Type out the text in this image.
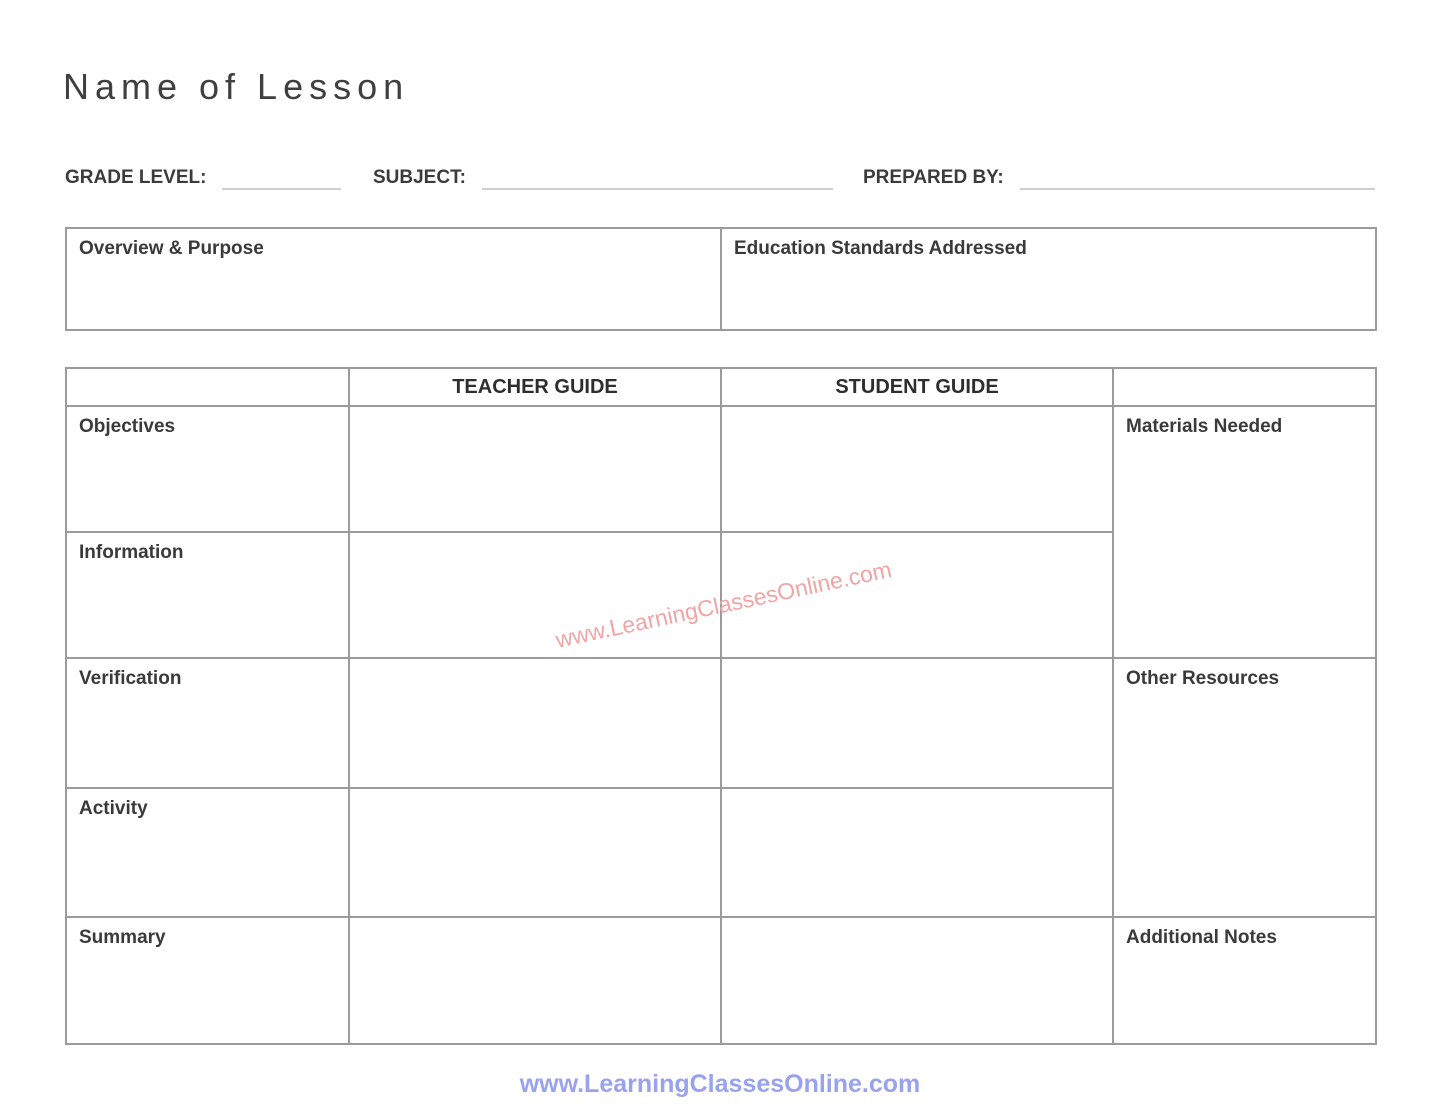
Name of Lesson
GRADE LEVEL:	SUBJECT:	PREPARED BY:
Overview & Purpose	Education Standards Addressed
	TEACHER GUIDE	STUDENT GUIDE	
Objectives			Materials Needed
Information			
Verification			Other Resources
Activity			
Summary			Additional Notes
www.LearningClassesOnline.com
www.LearningClassesOnline.com
